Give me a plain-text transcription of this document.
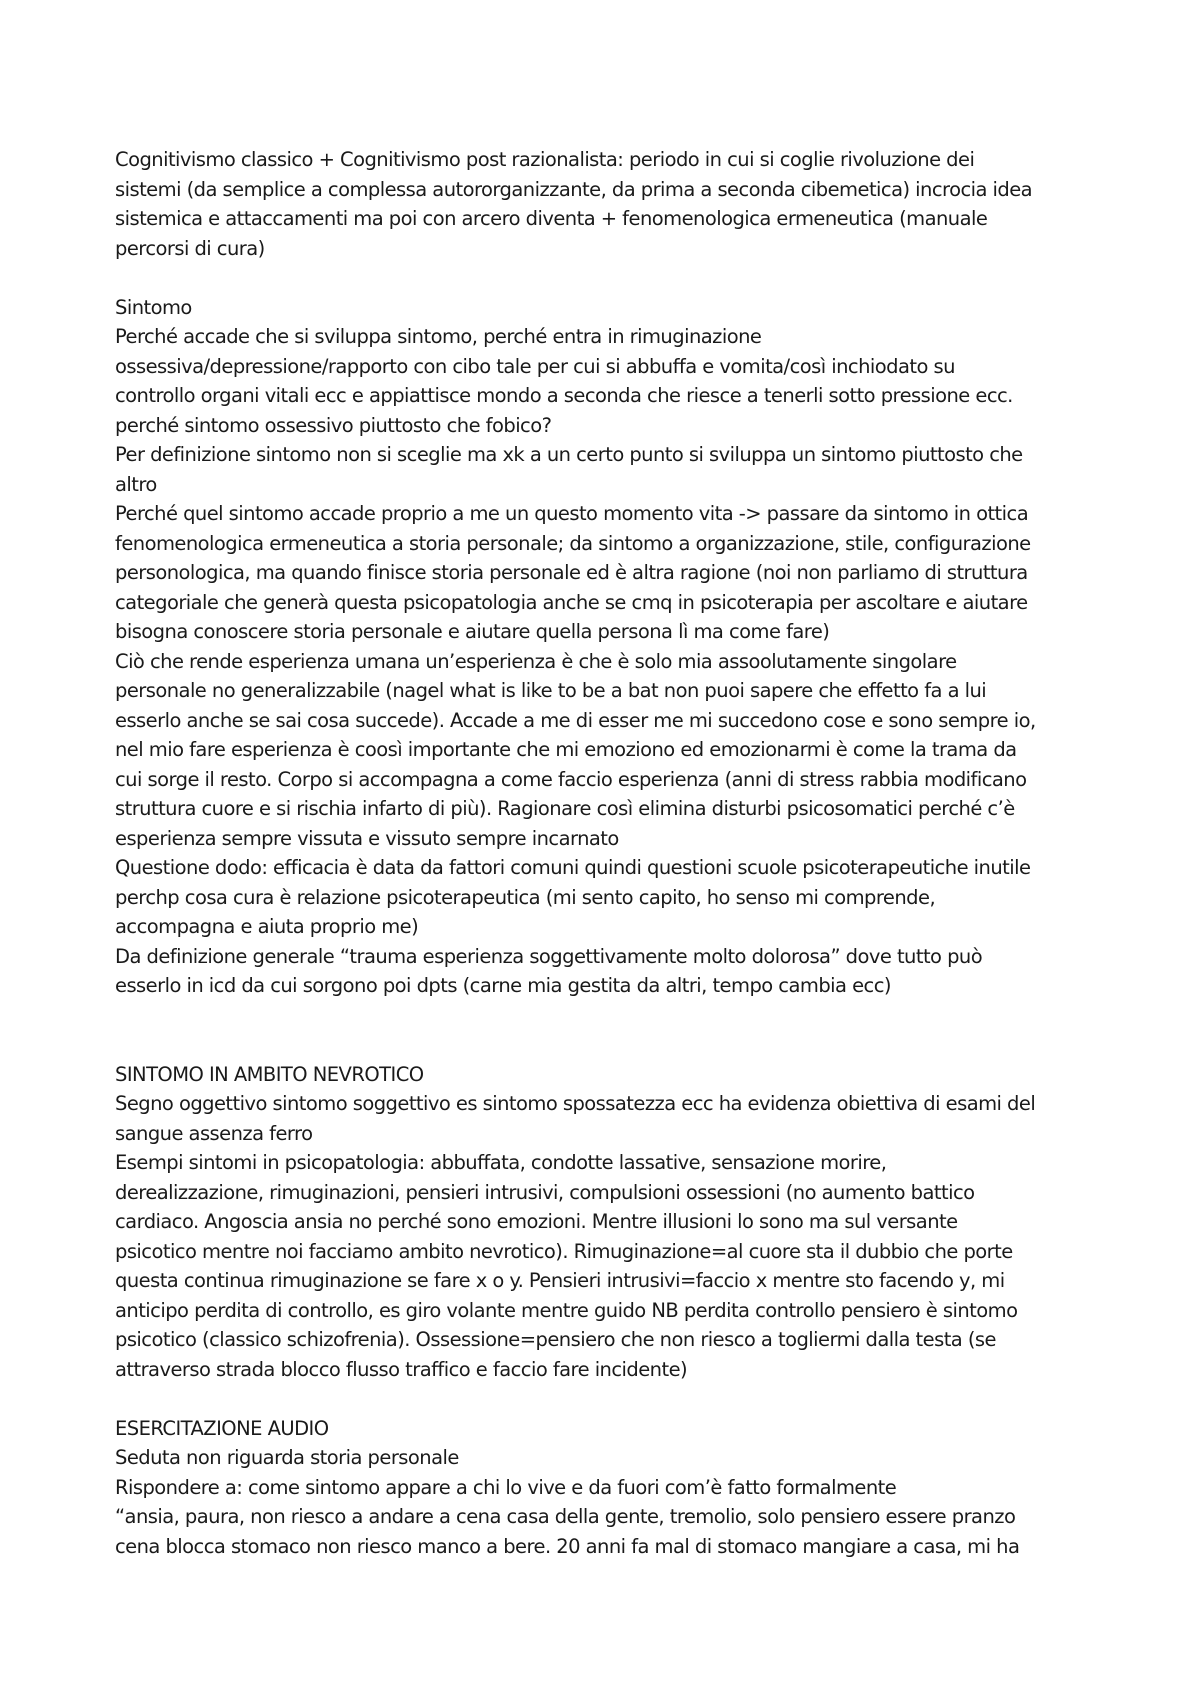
Cognitivismo classico + Cognitivismo post razionalista: periodo in cui si coglie rivoluzione dei
sistemi (da semplice a complessa autororganizzante, da prima a seconda cibemetica) incrocia idea
sistemica e attaccamenti ma poi con arcero diventa + fenomenologica ermeneutica (manuale
percorsi di cura)
Sintomo
Perché accade che si sviluppa sintomo, perché entra in rimuginazione
ossessiva/depressione/rapporto con cibo tale per cui si abbuffa e vomita/così inchiodato su
controllo organi vitali ecc e appiattisce mondo a seconda che riesce a tenerli sotto pressione ecc.
perché sintomo ossessivo piuttosto che fobico?
Per definizione sintomo non si sceglie ma xk a un certo punto si sviluppa un sintomo piuttosto che
altro
Perché quel sintomo accade proprio a me un questo momento vita -> passare da sintomo in ottica
fenomenologica ermeneutica a storia personale; da sintomo a organizzazione, stile, configurazione
personologica, ma quando finisce storia personale ed è altra ragione (noi non parliamo di struttura
categoriale che generà questa psicopatologia anche se cmq in psicoterapia per ascoltare e aiutare
bisogna conoscere storia personale e aiutare quella persona lì ma come fare)
Ciò che rende esperienza umana un’esperienza è che è solo mia assoolutamente singolare
personale no generalizzabile (nagel what is like to be a bat non puoi sapere che effetto fa a lui
esserlo anche se sai cosa succede). Accade a me di esser me mi succedono cose e sono sempre io,
nel mio fare esperienza è coosì importante che mi emoziono ed emozionarmi è come la trama da
cui sorge il resto. Corpo si accompagna a come faccio esperienza (anni di stress rabbia modificano
struttura cuore e si rischia infarto di più). Ragionare così elimina disturbi psicosomatici perché c’è
esperienza sempre vissuta e vissuto sempre incarnato
Questione dodo: efficacia è data da fattori comuni quindi questioni scuole psicoterapeutiche inutile
perchp cosa cura è relazione psicoterapeutica (mi sento capito, ho senso mi comprende,
accompagna e aiuta proprio me)
Da definizione generale “trauma esperienza soggettivamente molto dolorosa” dove tutto può
esserlo in icd da cui sorgono poi dpts (carne mia gestita da altri, tempo cambia ecc)
SINTOMO IN AMBITO NEVROTICO
Segno oggettivo sintomo soggettivo es sintomo spossatezza ecc ha evidenza obiettiva di esami del
sangue assenza ferro
Esempi sintomi in psicopatologia: abbuffata, condotte lassative, sensazione morire,
derealizzazione, rimuginazioni, pensieri intrusivi, compulsioni ossessioni (no aumento battico
cardiaco. Angoscia ansia no perché sono emozioni. Mentre illusioni lo sono ma sul versante
psicotico mentre noi facciamo ambito nevrotico). Rimuginazione=al cuore sta il dubbio che porte
questa continua rimuginazione se fare x o y. Pensieri intrusivi=faccio x mentre sto facendo y, mi
anticipo perdita di controllo, es giro volante mentre guido NB perdita controllo pensiero è sintomo
psicotico (classico schizofrenia). Ossessione=pensiero che non riesco a togliermi dalla testa (se
attraverso strada blocco flusso traffico e faccio fare incidente)
ESERCITAZIONE AUDIO
Seduta non riguarda storia personale
Rispondere a: come sintomo appare a chi lo vive e da fuori com’è fatto formalmente
“ansia, paura, non riesco a andare a cena casa della gente, tremolio, solo pensiero essere pranzo
cena blocca stomaco non riesco manco a bere. 20 anni fa mal di stomaco mangiare a casa, mi ha
